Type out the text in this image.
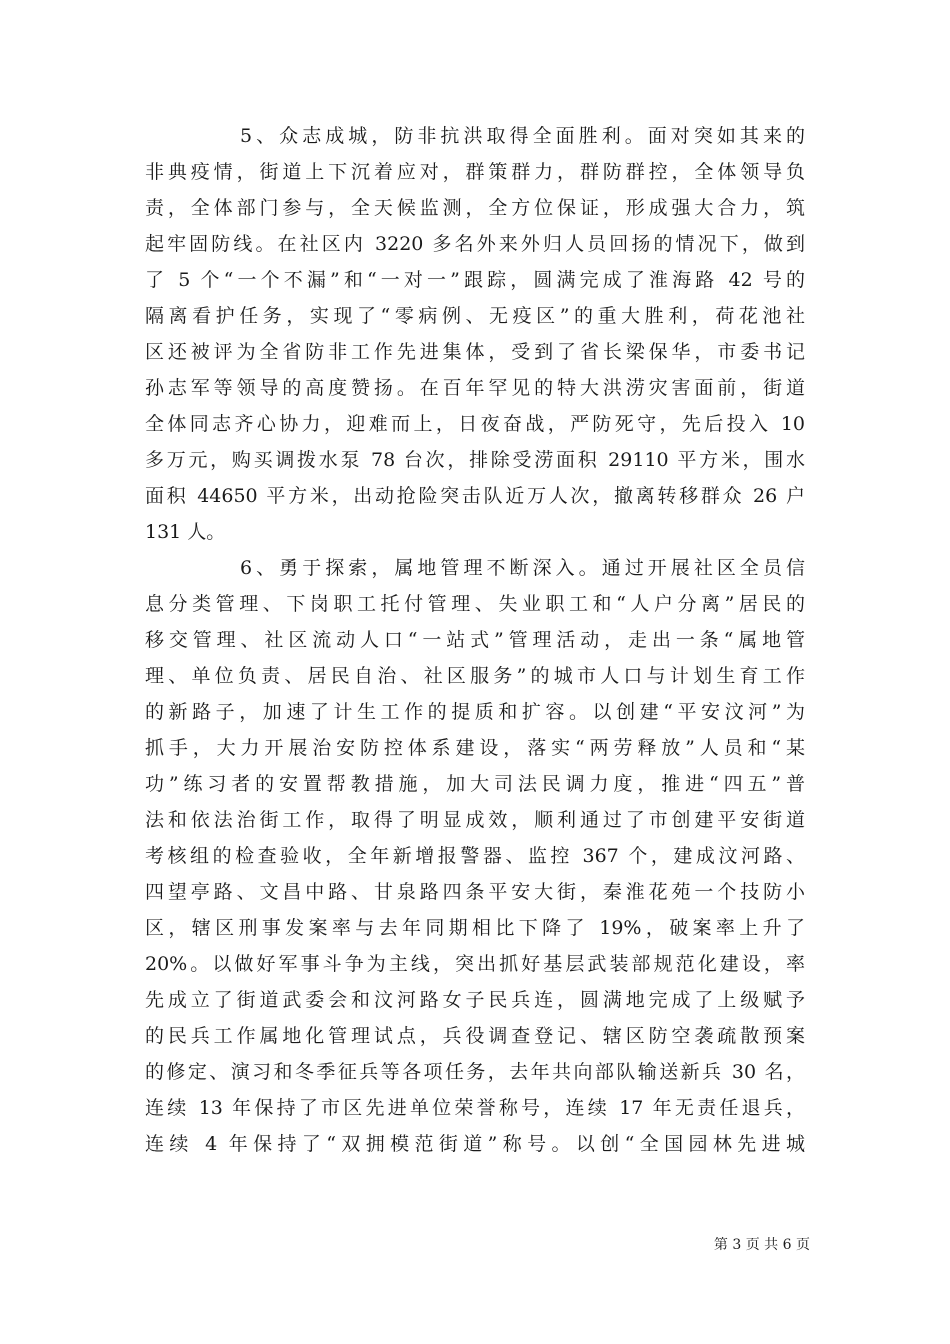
5、众志成城，防非抗洪取得全面胜利。面对突如其来的
非典疫情，街道上下沉着应对，群策群力，群防群控，全体领导负
责，全体部门参与，全天候监测，全方位保证，形成强大合力，筑
起牢固防线。在社区内 3220 多名外来外归人员回扬的情况下，做到
了 5 个“一个不漏”和“一对一”跟踪，圆满完成了淮海路 42 号的
隔离看护任务，实现了“零病例、无疫区”的重大胜利，荷花池社
区还被评为全省防非工作先进集体，受到了省长梁保华，市委书记
孙志军等领导的高度赞扬。在百年罕见的特大洪涝灾害面前，街道
全体同志齐心协力，迎难而上，日夜奋战，严防死守，先后投入 10
多万元，购买调拨水泵 78 台次，排除受涝面积 29110 平方米，围水
面积 44650 平方米，出动抢险突击队近万人次，撤离转移群众 26 户
131 人。
6、勇于探索，属地管理不断深入。通过开展社区全员信
息分类管理、下岗职工托付管理、失业职工和“人户分离”居民的
移交管理、社区流动人口“一站式”管理活动，走出一条“属地管
理、单位负责、居民自治、社区服务”的城市人口与计划生育工作
的新路子，加速了计生工作的提质和扩容。以创建“平安汶河”为
抓手，大力开展治安防控体系建设，落实“两劳释放”人员和“某
功”练习者的安置帮教措施，加大司法民调力度，推进“四五”普
法和依法治街工作，取得了明显成效，顺利通过了市创建平安街道
考核组的检查验收，全年新增报警器、监控 367 个，建成汶河路、
四望亭路、文昌中路、甘泉路四条平安大街，秦淮花苑一个技防小
区，辖区刑事发案率与去年同期相比下降了 19%，破案率上升了
20%。以做好军事斗争为主线，突出抓好基层武装部规范化建设，率
先成立了街道武委会和汶河路女子民兵连，圆满地完成了上级赋予
的民兵工作属地化管理试点，兵役调查登记、辖区防空袭疏散预案
的修定、演习和冬季征兵等各项任务，去年共向部队输送新兵 30 名，
连续 13 年保持了市区先进单位荣誉称号，连续 17 年无责任退兵，
连续 4 年保持了“双拥模范街道”称号。以创“全国园林先进城
第 3 页 共 6 页
